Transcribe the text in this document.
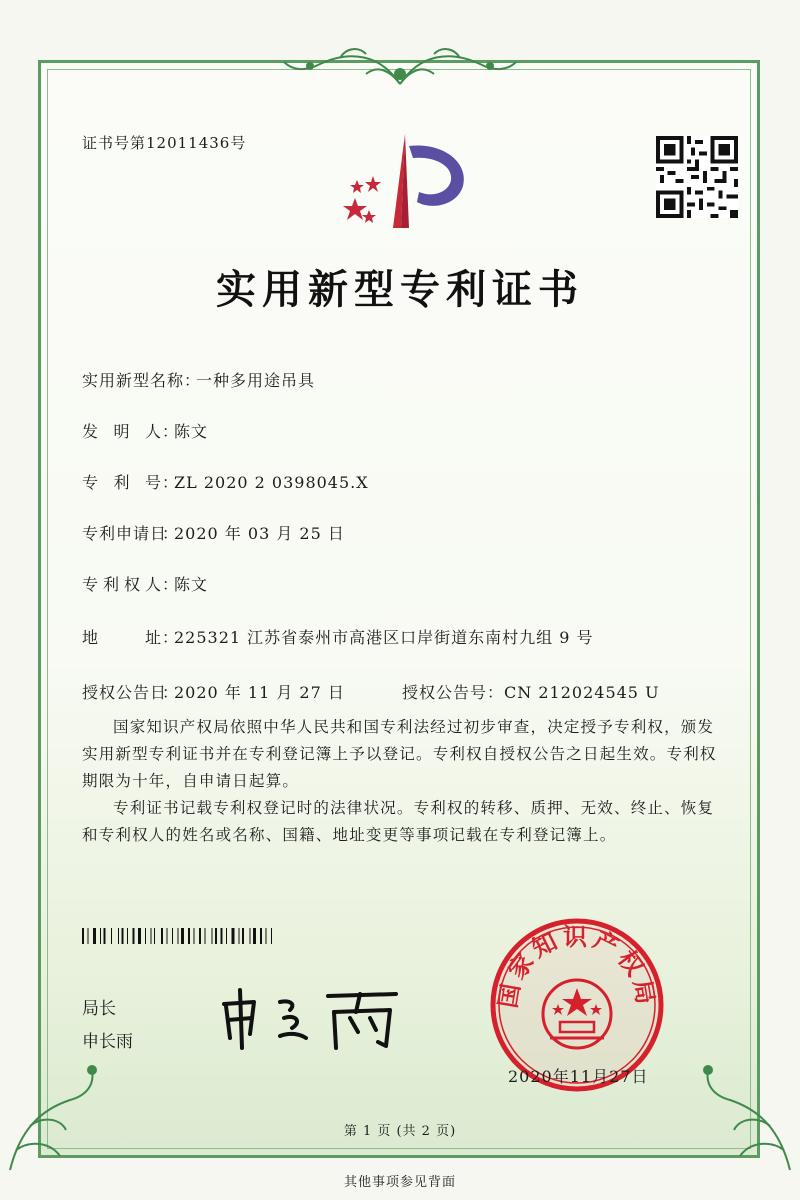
证书号第12011436号
实用新型专利证书
实用新型名称：一种多用途吊具
发明人：陈文
专利号：ZL 2020 2 0398045.X
专利申请日：2020 年 03 月 25 日
专利权人：陈文
地址：225321 江苏省泰州市高港区口岸街道东南村九组 9 号
授权公告日：2020 年 11 月 27 日	授权公告号：CN 212024545 U
国家知识产权局依照中华人民共和国专利法经过初步审查，决定授予专利权，颁发实用新型专利证书并在专利登记簿上予以登记。专利权自授权公告之日起生效。专利权期限为十年，自申请日起算。
专利证书记载专利权登记时的法律状况。专利权的转移、质押、无效、终止、恢复和专利权人的姓名或名称、国籍、地址变更等事项记载在专利登记簿上。
局长
申长雨
国家知识产权局
2020年11月27日
第 1 页 (共 2 页)
其他事项参见背面
